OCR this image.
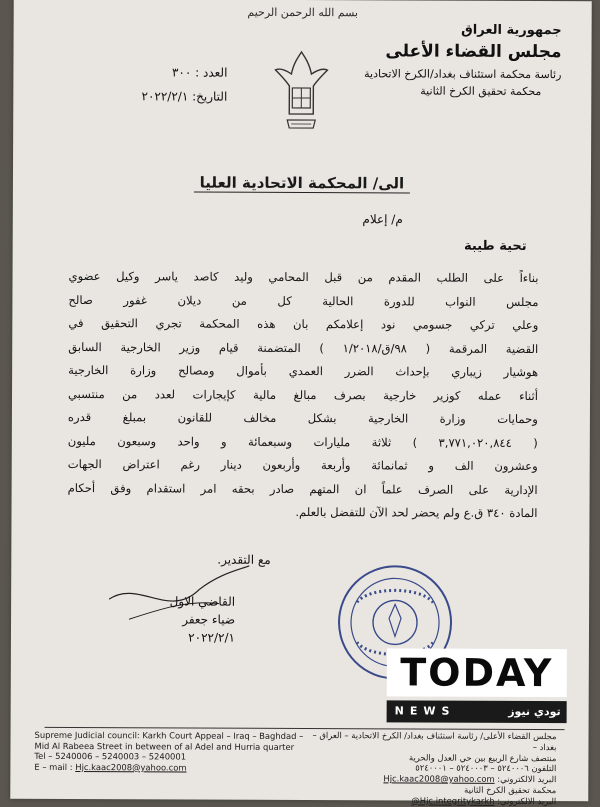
بسم الله الرحمن الرحيم
جمهورية العراق
مجلس القضاء الأعلى
رئاسة محكمة استئناف بغداد/الكرخ الاتحادية
محكمة تحقيق الكرخ الثانية
العدد : ٣٠٠
التاريخ: ٢٠٢٢/٢/١
الى/ المحكمة الاتحادية العليا
م/ إعلام
تحية طيبة

بناءاً على الطلب المقدم من قبل المحامي وليد كاصد ياسر وكيل عضوي

مجلس النواب للدورة الحالية كل من ديلان غفور صالح

وعلي تركي جسومي نود إعلامكم بان هذه المحكمة تجري التحقيق في

القضية المرقمة ( ٩٨/ق/١/٢٠١٨ ) المتضمنة قيام وزير الخارجية السابق

هوشيار زيباري بإحداث الضرر العمدي بأموال ومصالح وزارة الخارجية

أثناء عمله كوزير خارجية بصرف مبالغ مالية كإيجارات لعدد من منتسبي

وحمايات وزارة الخارجية بشكل مخالف للقانون بمبلغ قدره

( ٣,٧٧١,٠٢٠,٨٤٤ ) ثلاثة مليارات وسبعمائة و واحد وسبعون مليون

وعشرون الف و ثمانمائة وأربعة وأربعون دينار رغم اعتراض الجهات

الإدارية على الصرف علماً ان المتهم صادر بحقه امر استقدام وفق أحكام

المادة ٣٤٠ ق.ع ولم يحضر لحد الآن للتفضل بالعلم.

مع التقدير.
القاضي الاول
ضياء جعفر
٢٠٢٢/٢/١
TODAY
NEWS	تودي نيوز
Supreme Judicial council: Karkh Court Appeal – Iraq – Baghdad –
Mid Al Rabeea Street in between of al Adel and Hurria quarter
Tel – 5240006 – 5240003 – 5240001
E – mail : Hjc.kaac2008@yahoo.com
مجلس القضاء الأعلى/ رئاسة استئناف بغداد/ الكرخ الاتحادية – العراق – بغداد –
منتصف شارع الربيع بين حي العدل والحرية
التلفون ٥٢٤٠٠٠٦ – ٥٢٤٠٠٠٣ – ٥٢٤٠٠٠١
البريد الالكتروني: Hjc.kaac2008@yahoo.com
محكمة تحقيق الكرخ الثانية
البريد الالكتروني: Hjc.integritykarkh@
